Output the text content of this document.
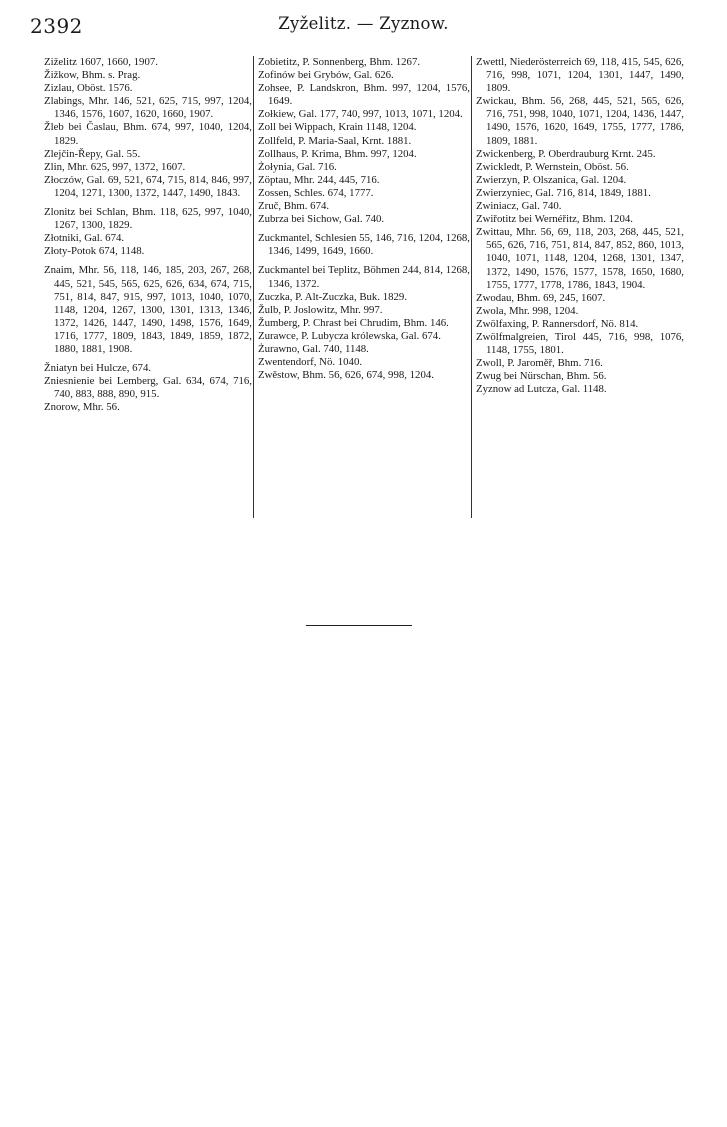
2392	Zyželitz. — Zyznow.

Ziželitz 1607, 1660, 1907.

Žižkow, Bhm. s. Prag.

Zizlau, Oböst. 1576.

Zlabings, Mhr. 146, 521, 625, 715, 997, 1204, 1346, 1576, 1607, 1620, 1660, 1907.

Žleb bei Časlau, Bhm. 674, 997, 1040, 1204, 1829.

Zlejčin-Řepy, Gal. 55.

Zlin, Mhr. 625, 997, 1372, 1607.

Złoczów, Gal. 69, 521, 674, 715, 814, 846, 997, 1204, 1271, 1300, 1372, 1447, 1490, 1843.

Zlonitz bei Schlan, Bhm. 118, 625, 997, 1040, 1267, 1300, 1829.

Złotniki, Gal. 674.

Złoty-Potok 674, 1148.

Znaim, Mhr. 56, 118, 146, 185, 203, 267, 268, 445, 521, 545, 565, 625, 626, 634, 674, 715, 751, 814, 847, 915, 997, 1013, 1040, 1070, 1148, 1204, 1267, 1300, 1301, 1313, 1346, 1372, 1426, 1447, 1490, 1498, 1576, 1649, 1716, 1777, 1809, 1843, 1849, 1859, 1872, 1880, 1881, 1908.

Žniatyn bei Hulcze, 674.

Zniesnienie bei Lemberg, Gal. 634, 674, 716, 740, 883, 888, 890, 915.

Znorow, Mhr. 56.

Zobietitz, P. Sonnenberg, Bhm. 1267.

Zofinów bei Grybów, Gal. 626.

Zohsee, P. Landskron, Bhm. 997, 1204, 1576, 1649.

Zołkiew, Gal. 177, 740, 997, 1013, 1071, 1204.

Zoll bei Wippach, Krain 1148, 1204.

Zollfeld, P. Maria-Saal, Krnt. 1881.

Zollhaus, P. Krima, Bhm. 997, 1204.

Żołynia, Gal. 716.

Zöptau, Mhr. 244, 445, 716.

Zossen, Schles. 674, 1777.

Zruč, Bhm. 674.

Zubrza bei Sichow, Gal. 740.

Zuckmantel, Schlesien 55, 146, 716, 1204, 1268, 1346, 1499, 1649, 1660.

Zuckmantel bei Teplitz, Böhmen 244, 814, 1268, 1346, 1372.

Zuczka, P. Alt-Zuczka, Buk. 1829.

Žulb, P. Joslowitz, Mhr. 997.

Žumberg, P. Chrast bei Chrudim, Bhm. 146.

Zurawce, P. Lubycza królewska, Gal. 674.

Żurawno, Gal. 740, 1148.

Zwentendorf, Nö. 1040.

Zwěstow, Bhm. 56, 626, 674, 998, 1204.

Zwettl, Niederösterreich 69, 118, 415, 545, 626, 716, 998, 1071, 1204, 1301, 1447, 1490, 1809.

Zwickau, Bhm. 56, 268, 445, 521, 565, 626, 716, 751, 998, 1040, 1071, 1204, 1436, 1447, 1490, 1576, 1620, 1649, 1755, 1777, 1786, 1809, 1881.

Zwickenberg, P. Oberdrauburg Krnt. 245.

Zwickledt, P. Wernstein, Oböst. 56.

Zwierzyn, P. Olszanica, Gal. 1204.

Zwierzyniec, Gal. 716, 814, 1849, 1881.

Zwiniacz, Gal. 740.

Zwiřotitz bei Wernéřitz, Bhm. 1204.

Zwittau, Mhr. 56, 69, 118, 203, 268, 445, 521, 565, 626, 716, 751, 814, 847, 852, 860, 1013, 1040, 1071, 1148, 1204, 1268, 1301, 1347, 1372, 1490, 1576, 1577, 1578, 1650, 1680, 1755, 1777, 1778, 1786, 1843, 1904.

Zwodau, Bhm. 69, 245, 1607.

Zwola, Mhr. 998, 1204.

Zwölfaxing, P. Rannersdorf, Nö. 814.

Zwölfmalgreien, Tirol 445, 716, 998, 1076, 1148, 1755, 1801.

Zwoll, P. Jaroměř, Bhm. 716.

Zwug bei Nürschan, Bhm. 56.

Zyznow ad Lutcza, Gal. 1148.
